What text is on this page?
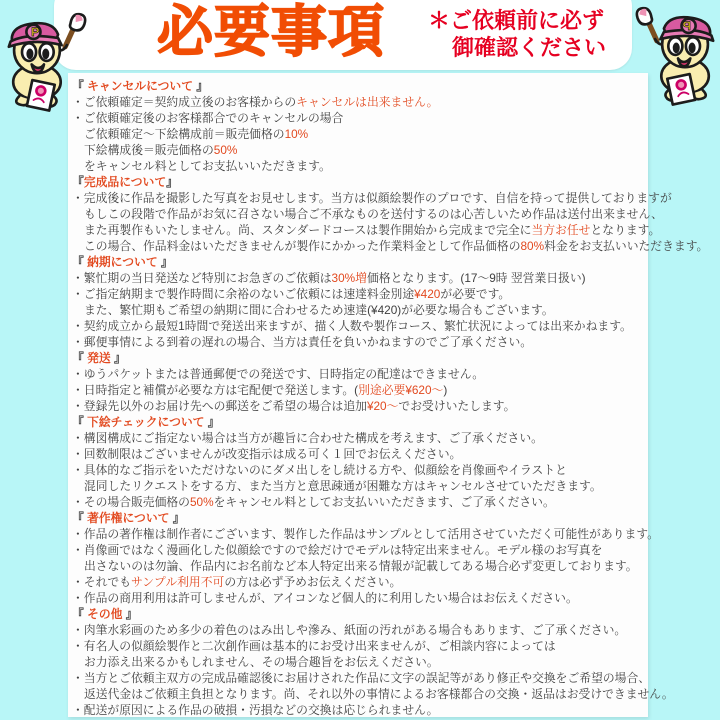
必要事項	＊ご依頼前に必ず
御確認ください
P	P
『 キャンセルについて 』
・ご依頼確定＝契約成立後のお客様からのキャンセルは出来ません。
・ご依頼確定後のお客様都合でのキャンセルの場合
ご依頼確定～下絵構成前＝販売価格の10%
下絵構成後＝販売価格の50%
をキャンセル料としてお支払いいただきます。
『完成品について』
・完成後に作品を撮影した写真をお見せします。当方は似顔絵製作のプロです、自信を持って提供しておりますが
もしこの段階で作品がお気に召さない場合ご不承なものを送付するのは心苦しいため作品は送付出来ません、
また再製作もいたしません。尚、スタンダードコースは製作開始から完成まで完全に当方お任せとなります。
この場合、作品料金はいただきませんが製作にかかった作業料金として作品価格の80%料金をお支払いいただきます。
『 納期について 』
・繁忙期の当日発送など特別にお急ぎのご依頼は30%増価格となります。(17～9時 翌営業日扱い)
・ご指定納期まで製作時間に余裕のないご依頼には速達料金別途¥420が必要です。
また、繁忙期もご希望の納期に間に合わせるため速達(¥420)が必要な場合もございます。
・契約成立から最短1時間で発送出来ますが、描く人数や製作コース、繁忙状況によっては出来かねます。
・郵便事情による到着の遅れの場合、当方は責任を負いかねますのでご了承ください。
『 発送 』
・ゆうパケットまたは普通郵便での発送です、日時指定の配達はできません。
・日時指定と補償が必要な方は宅配便で発送します。(別途必要¥620～)
・登録先以外のお届け先への郵送をご希望の場合は追加¥20～でお受けいたします。
『 下絵チェックについて 』
・構図構成にご指定ない場合は当方が趣旨に合わせた構成を考えます、ご了承ください。
・回数制限はございませんが改変指示は成る可く１回でお伝えください。
・具体的なご指示をいただけないのにダメ出しをし続ける方や、似顔絵を肖像画やイラストと
混同したリクエストをする方、また当方と意思疎通が困難な方はキャンセルさせていただきます。
・その場合販売価格の50%をキャンセル料としてお支払いいただきます、ご了承ください。
『 著作権について 』
・作品の著作権は制作者にございます、製作した作品はサンプルとして活用させていただく可能性があります。
・肖像画ではなく漫画化した似顔絵ですので絵だけでモデルは特定出来ません。モデル様のお写真を
出さないのは勿論、作品内にお名前など本人特定出来る情報が記載してある場合必ず変更しております。
・それでもサンプル利用不可の方は必ず予めお伝えください。
・作品の商用利用は許可しませんが、アイコンなど個人的に利用したい場合はお伝えください。
『 その他 』
・肉筆水彩画のため多少の着色のはみ出しや滲み、紙面の汚れがある場合もあります、ご了承ください。
・有名人の似顔絵製作と二次創作画は基本的にお受け出来ませんが、ご相談内容によっては
お力添え出来るかもしれません、その場合趣旨をお伝えください。
・当方とご依頼主双方の完成品確認後にお届けされた作品に文字の誤記等があり修正や交換をご希望の場合、
返送代金はご依頼主負担となります。尚、それ以外の事情によるお客様都合の交換・返品はお受けできません。
・配送が原因による作品の破損・汚損などの交換は応じられません。
